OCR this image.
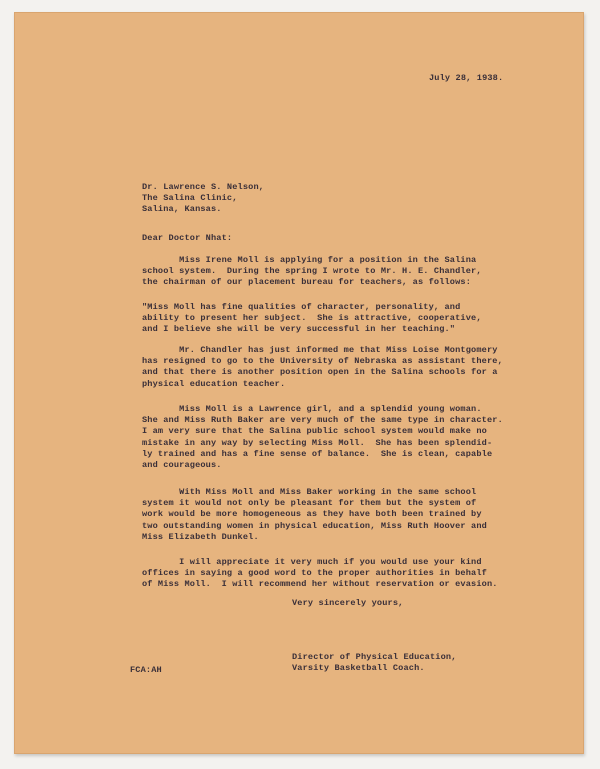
July 28, 1938.

Dr. Lawrence S. Nelson,
The Salina Clinic,
Salina, Kansas.

Dear Doctor Nhat:

Miss Irene Moll is applying for a position in the Salina
school system.  During the spring I wrote to Mr. H. E. Chandler,
the chairman of our placement bureau for teachers, as follows:

"Miss Moll has fine qualities of character, personality, and
ability to present her subject.  She is attractive, cooperative,
and I believe she will be very successful in her teaching."

Mr. Chandler has just informed me that Miss Loise Montgomery
has resigned to go to the University of Nebraska as assistant there,
and that there is another position open in the Salina schools for a
physical education teacher.

Miss Moll is a Lawrence girl, and a splendid young woman.
She and Miss Ruth Baker are very much of the same type in character.
I am very sure that the Salina public school system would make no
mistake in any way by selecting Miss Moll.  She has been splendid-
ly trained and has a fine sense of balance.  She is clean, capable
and courageous.

With Miss Moll and Miss Baker working in the same school
system it would not only be pleasant for them but the system of
work would be more homogeneous as they have both been trained by
two outstanding women in physical education, Miss Ruth Hoover and
Miss Elizabeth Dunkel.

I will appreciate it very much if you would use your kind
offices in saying a good word to the proper authorities in behalf
of Miss Moll.  I will recommend her without reservation or evasion.

Very sincerely yours,

Director of Physical Education,
Varsity Basketball Coach.

FCA:AH
